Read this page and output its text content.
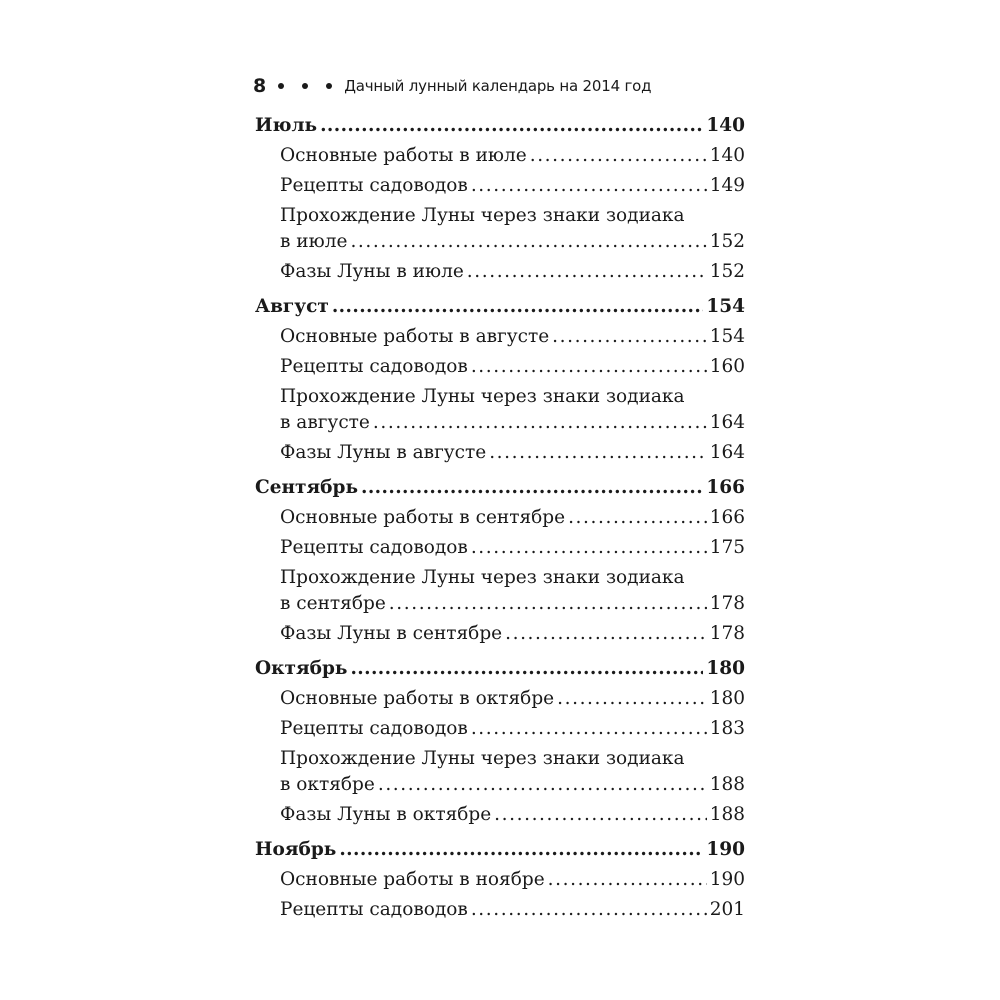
8	Дачный лунный календарь на 2014 год
Июль .....	140
Основные работы в июле .....	140
Рецепты садоводов .....	149
Прохождение Луны через знаки зодиака
в июле .....	152
Фазы Луны в июле .....	152
Август .....	154
Основные работы в августе .....	154
Рецепты садоводов .....	160
Прохождение Луны через знаки зодиака
в августе .....	164
Фазы Луны в августе .....	164
Сентябрь .....	166
Основные работы в сентябре .....	166
Рецепты садоводов .....	175
Прохождение Луны через знаки зодиака
в сентябре .....	178
Фазы Луны в сентябре .....	178
Октябрь .....	180
Основные работы в октябре .....	180
Рецепты садоводов .....	183
Прохождение Луны через знаки зодиака
в октябре .....	188
Фазы Луны в октябре .....	188
Ноябрь .....	190
Основные работы в ноябре .....	190
Рецепты садоводов .....	201
